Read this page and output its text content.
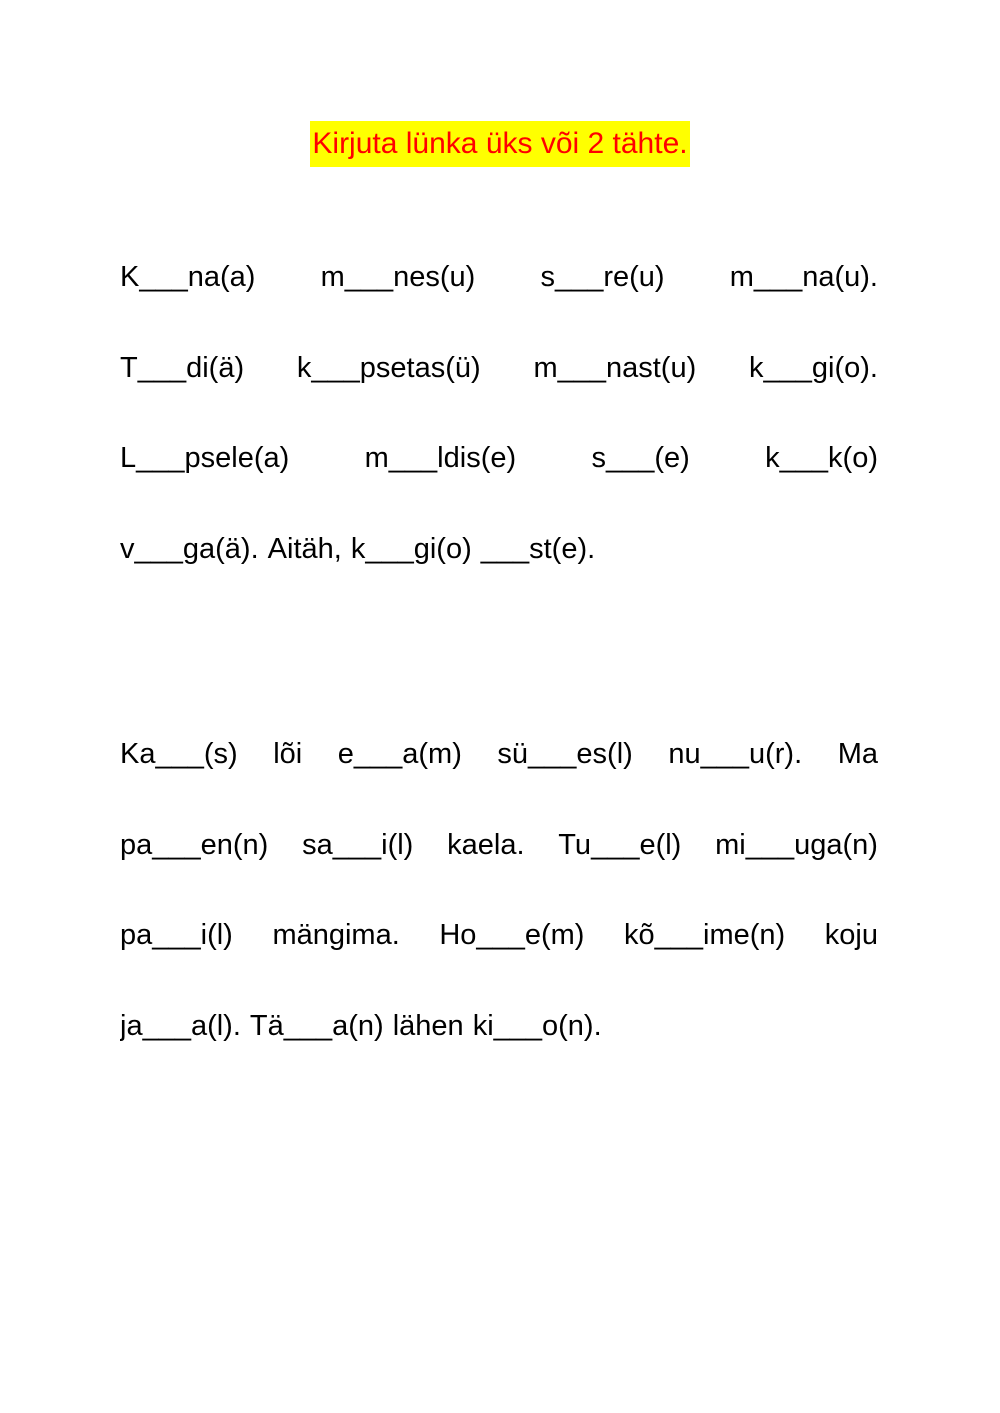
Kirjuta lünka üks või 2 tähte.
K___na(a) m___nes(u) s___re(u) m___na(u).
T___di(ä) k___psetas(ü) m___nast(u) k___gi(o).
L___psele(a)	m___ldis(e)	s___(e)	k___k(o)
v___ga(ä). Aitäh, k___gi(o) ___st(e).
Ka___(s) lõi e___a(m) sü___es(l) nu___u(r). Ma
pa___en(n) sa___i(l) kaela. Tu___e(l) mi___uga(n)
pa___i(l) mängima. Ho___e(m) kõ___ime(n) koju
ja___a(l). Tä___a(n) lähen ki___o(n).
